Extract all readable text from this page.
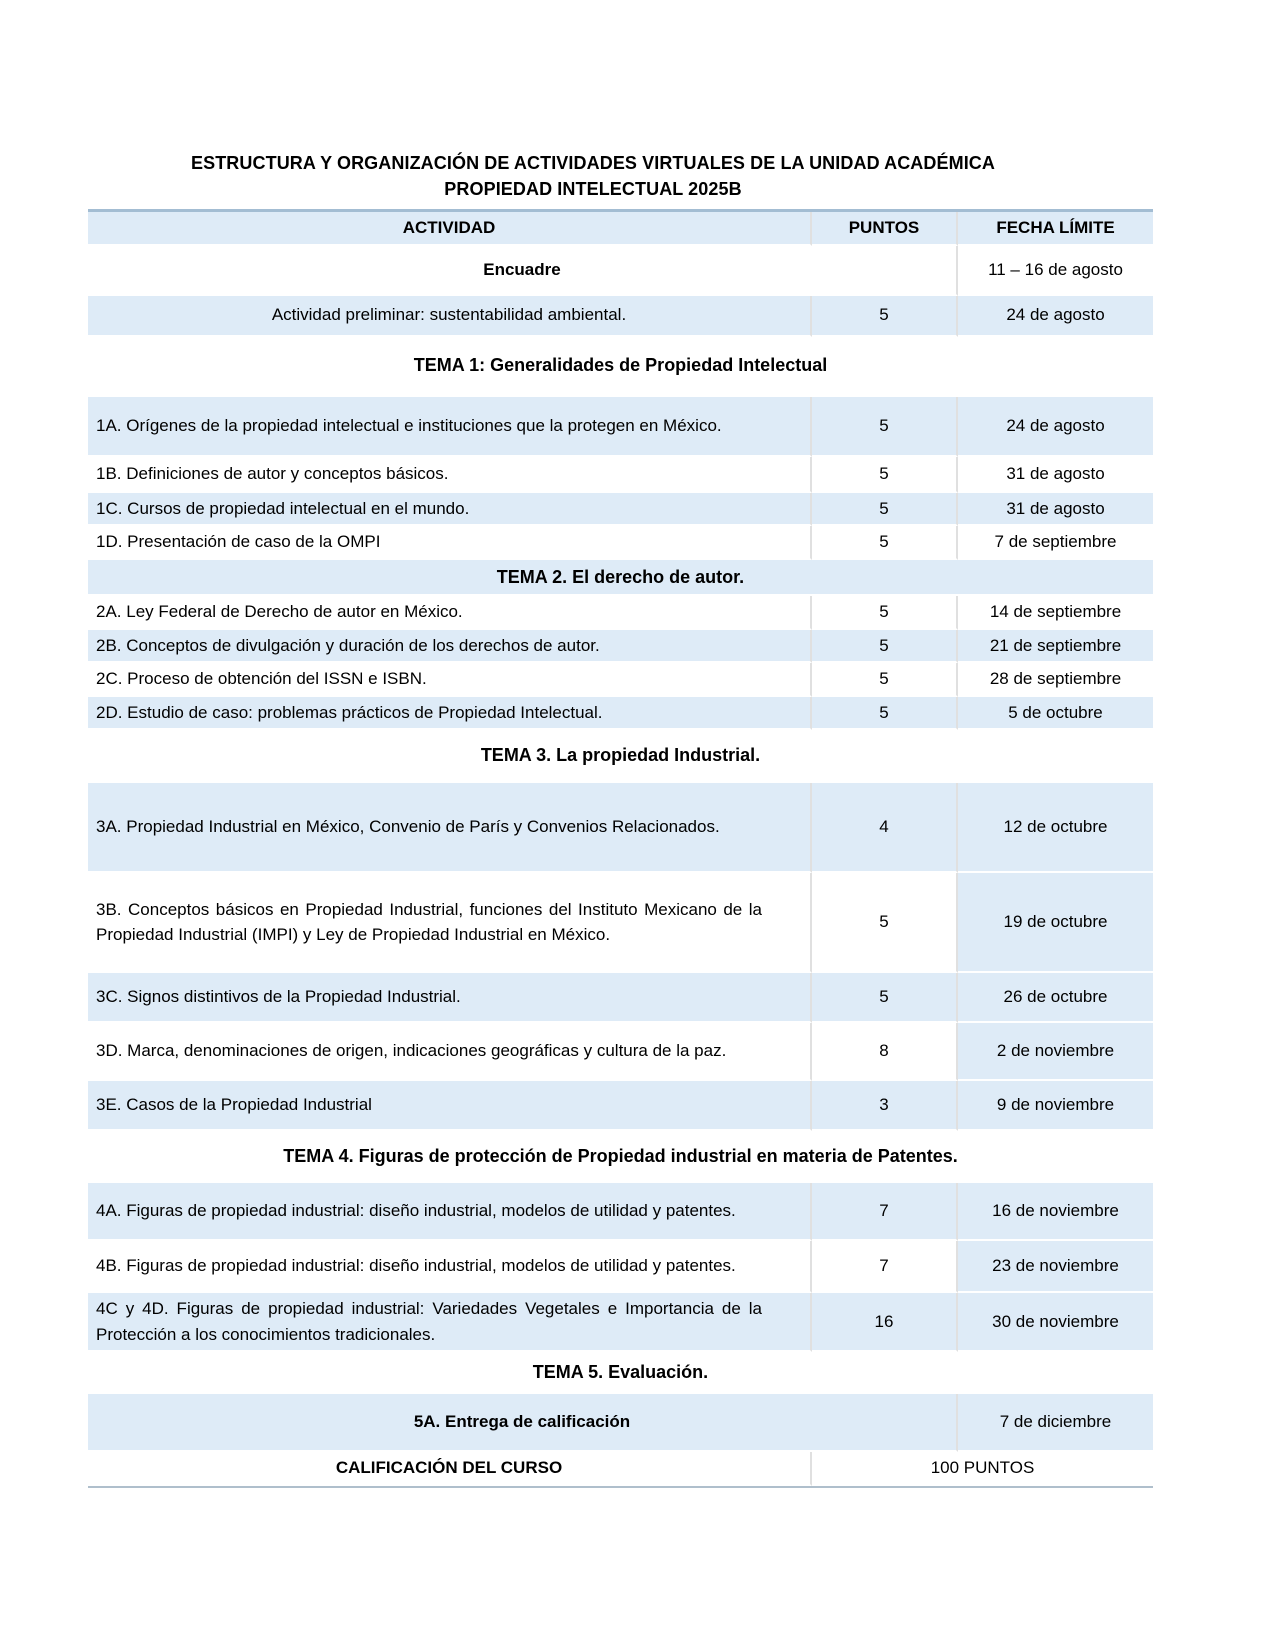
ESTRUCTURA Y ORGANIZACIÓN DE ACTIVIDADES VIRTUALES DE LA UNIDAD ACADÉMICA
PROPIEDAD INTELECTUAL 2025B
ACTIVIDAD	PUNTOS	FECHA LÍMITE
Encuadre		11 – 16 de agosto
Actividad preliminar: sustentabilidad ambiental.	5	24 de agosto
TEMA 1: Generalidades de Propiedad Intelectual		
1A. Orígenes de la propiedad intelectual e instituciones que la protegen en México.	5	24 de agosto
1B. Definiciones de autor y conceptos básicos.	5	31 de agosto
1C. Cursos de propiedad intelectual en el mundo.	5	31 de agosto
1D. Presentación de caso de la OMPI	5	7 de septiembre
TEMA 2. El derecho de autor.		
2A. Ley Federal de Derecho de autor en México.	5	14 de septiembre
2B. Conceptos de divulgación y duración de los derechos de autor.	5	21 de septiembre
2C. Proceso de obtención del ISSN e ISBN.	5	28 de septiembre
2D. Estudio de caso: problemas prácticos de Propiedad Intelectual.	5	5 de octubre
TEMA 3. La propiedad Industrial.		
3A. Propiedad Industrial en México, Convenio de París y Convenios Relacionados.	4	12 de octubre
3B. Conceptos básicos en Propiedad Industrial, funciones del Instituto Mexicano de la Propiedad Industrial (IMPI) y Ley de Propiedad Industrial en México.	5	19 de octubre
3C. Signos distintivos de la Propiedad Industrial.	5	26 de octubre
3D. Marca, denominaciones de origen, indicaciones geográficas y cultura de la paz.	8	2 de noviembre
3E. Casos de la Propiedad Industrial	3	9 de noviembre
TEMA 4. Figuras de protección de Propiedad industrial en materia de Patentes.		
4A. Figuras de propiedad industrial: diseño industrial, modelos de utilidad y patentes.	7	16 de noviembre
4B. Figuras de propiedad industrial: diseño industrial, modelos de utilidad y patentes.	7	23 de noviembre
4C y 4D. Figuras de propiedad industrial: Variedades Vegetales e Importancia de la Protección a los conocimientos tradicionales.	16	30 de noviembre
TEMA 5. Evaluación.		
5A. Entrega de calificación		7 de diciembre
CALIFICACIÓN DEL CURSO	100 PUNTOS	
